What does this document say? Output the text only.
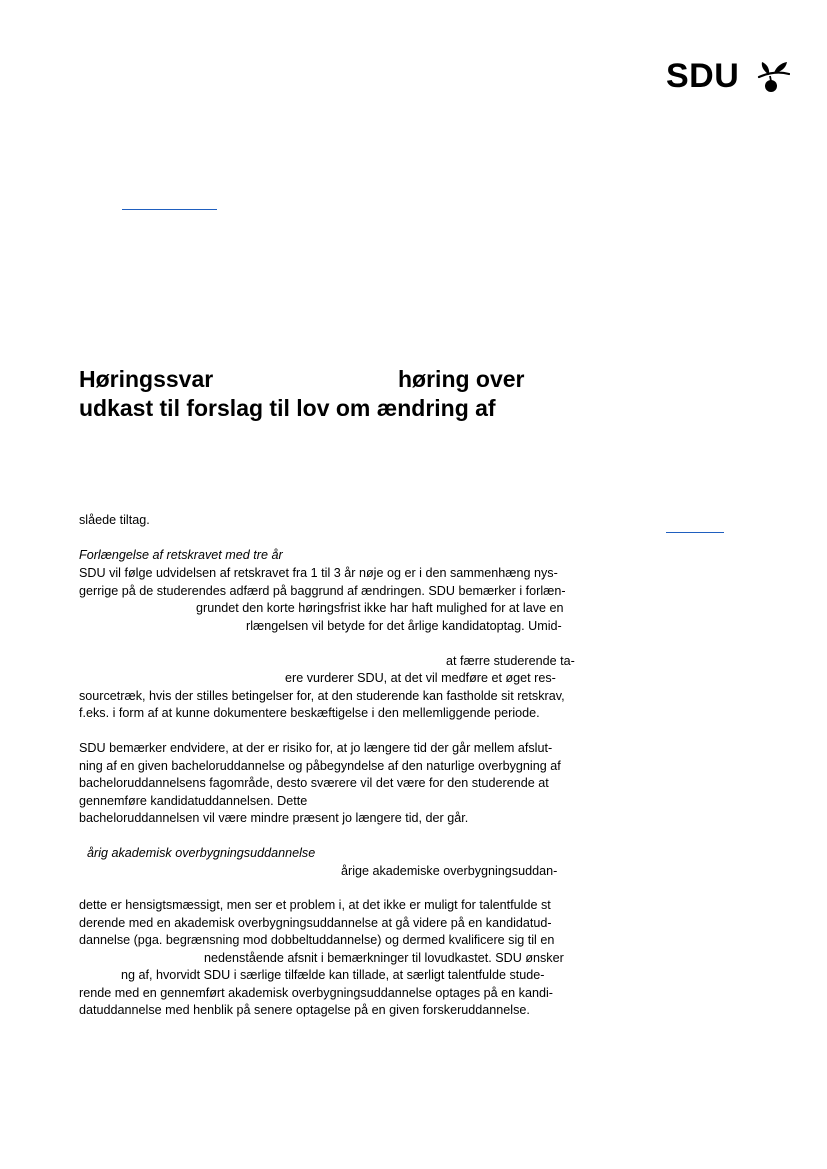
SDU
Høringssvar	høring over
udkast til forslag til lov om ændring af
slåede tiltag.
Forlængelse af retskravet med tre år
SDU vil følge udvidelsen af retskravet fra 1 til 3 år nøje og er i den sammenhæng nys-
gerrige på de studerendes adfærd på baggrund af ændringen. SDU bemærker i forlæn-
grundet den korte høringsfrist ikke har haft mulighed for at lave en
rlængelsen vil betyde for det årlige kandidatoptag. Umid-
at færre studerende ta-
ere vurderer SDU, at det vil medføre et øget res-
sourcetræk, hvis der stilles betingelser for, at den studerende kan fastholde sit retskrav,
f.eks. i form af at kunne dokumentere beskæftigelse i den mellemliggende periode.
SDU bemærker endvidere, at der er risiko for, at jo længere tid der går mellem afslut-
ning af en given bacheloruddannelse og påbegyndelse af den naturlige overbygning af
bacheloruddannelsens fagområde, desto sværere vil det være for den studerende at
gennemføre kandidatuddannelsen. Dette
bacheloruddannelsen vil være mindre præsent jo længere tid, der går.
årig akademisk overbygningsuddannelse
årige akademiske overbygningsuddan-
dette er hensigtsmæssigt, men ser et problem i, at det ikke er muligt for talentfulde st
derende med en akademisk overbygningsuddannelse at gå videre på en kandidatud-
dannelse (pga. begrænsning mod dobbeltuddannelse) og dermed kvalificere sig til en
nedenstående afsnit i bemærkninger til lovudkastet. SDU ønsker
ng af, hvorvidt SDU i særlige tilfælde kan tillade, at særligt talentfulde stude-
rende med en gennemført akademisk overbygningsuddannelse optages på en kandi-
datuddannelse med henblik på senere optagelse på en given forskeruddannelse.
